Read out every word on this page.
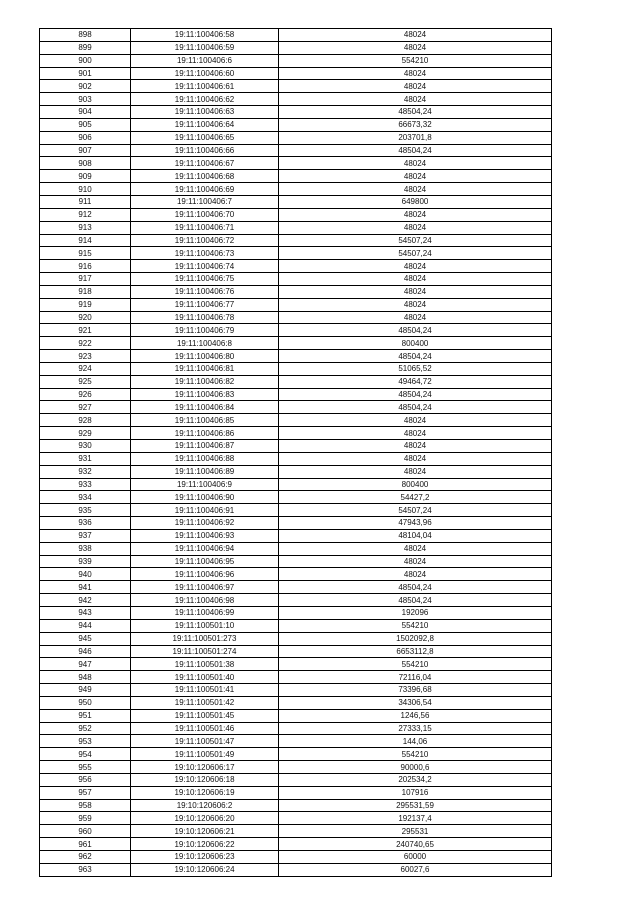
898	19:11:100406:58	48024
899	19:11:100406:59	48024
900	19:11:100406:6	554210
901	19:11:100406:60	48024
902	19:11:100406:61	48024
903	19:11:100406:62	48024
904	19:11:100406:63	48504,24
905	19:11:100406:64	66673,32
906	19:11:100406:65	203701,8
907	19:11:100406:66	48504,24
908	19:11:100406:67	48024
909	19:11:100406:68	48024
910	19:11:100406:69	48024
911	19:11:100406:7	649800
912	19:11:100406:70	48024
913	19:11:100406:71	48024
914	19:11:100406:72	54507,24
915	19:11:100406:73	54507,24
916	19:11:100406:74	48024
917	19:11:100406:75	48024
918	19:11:100406:76	48024
919	19:11:100406:77	48024
920	19:11:100406:78	48024
921	19:11:100406:79	48504,24
922	19:11:100406:8	800400
923	19:11:100406:80	48504,24
924	19:11:100406:81	51065,52
925	19:11:100406:82	49464,72
926	19:11:100406:83	48504,24
927	19:11:100406:84	48504,24
928	19:11:100406:85	48024
929	19:11:100406:86	48024
930	19:11:100406:87	48024
931	19:11:100406:88	48024
932	19:11:100406:89	48024
933	19:11:100406:9	800400
934	19:11:100406:90	54427,2
935	19:11:100406:91	54507,24
936	19:11:100406:92	47943,96
937	19:11:100406:93	48104,04
938	19:11:100406:94	48024
939	19:11:100406:95	48024
940	19:11:100406:96	48024
941	19:11:100406:97	48504,24
942	19:11:100406:98	48504,24
943	19:11:100406:99	192096
944	19:11:100501:10	554210
945	19:11:100501:273	1502092,8
946	19:11:100501:274	6653112,8
947	19:11:100501:38	554210
948	19:11:100501:40	72116,04
949	19:11:100501:41	73396,68
950	19:11:100501:42	34306,54
951	19:11:100501:45	1246,56
952	19:11:100501:46	27333,15
953	19:11:100501:47	144,06
954	19:11:100501:49	554210
955	19:10:120606:17	90000,6
956	19:10:120606:18	202534,2
957	19:10:120606:19	107916
958	19:10:120606:2	295531,59
959	19:10:120606:20	192137,4
960	19:10:120606:21	295531
961	19:10:120606:22	240740,65
962	19:10:120606:23	60000
963	19:10:120606:24	60027,6
